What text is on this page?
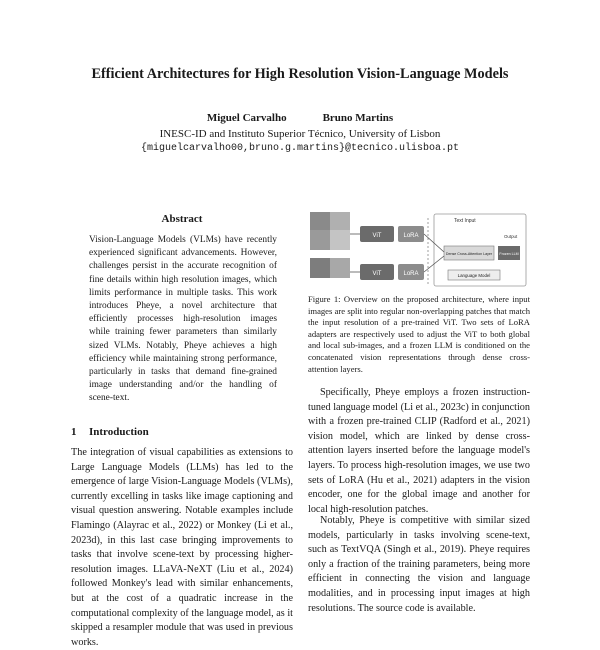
Efficient Architectures for High Resolution Vision-Language Models
Miguel Carvalho	Bruno Martins
INESC-ID and Instituto Superior Técnico, University of Lisbon
{miguelcarvalho00,bruno.g.martins}@tecnico.ulisboa.pt
Abstract
Vision-Language Models (VLMs) have recently experienced significant advancements. However, challenges persist in the accurate recognition of fine details within high resolution images, which limits performance in multiple tasks. This work introduces Pheye, a novel architecture that efficiently processes high-resolution images while training fewer parameters than similarly sized VLMs. Notably, Pheye achieves a high efficiency while maintaining strong performance, particularly in tasks that demand fine-grained image understanding and/or the handling of scene-text.
1 Introduction

The integration of visual capabilities as extensions to Large Language Models (LLMs) has led to the emergence of large Vision-Language Models (VLMs), currently excelling in tasks like image captioning and visual question answering. Notable examples include Flamingo (Alayrac et al., 2022) or Monkey (Li et al., 2023d), in this last case bringing improvements to tasks that involve scene-text by processing higher-resolution images. LLaVA-NeXT (Liu et al., 2024) followed Monkey's lead with similar enhancements, but at the cost of a quadratic increase in the computational complexity of the language model, as it skipped a resampler module that was used in previous works.

ViT	LoRA
ViT	LoRA
Text Input
Dense Cross-Attention Layer Frozen LLM
Language Model
Output
Figure 1: Overview on the proposed architecture, where input images are split into regular non-overlapping patches that match the input resolution of a pre-trained ViT. Two sets of LoRA adapters are respectively used to adjust the ViT to both global and local sub-images, and a frozen LLM is conditioned on the concatenated vision representations through dense cross-attention layers.
Specifically, Pheye employs a frozen instruction-tuned language model (Li et al., 2023c) in conjunction with a frozen pre-trained CLIP (Radford et al., 2021) vision model, which are linked by dense cross-attention layers inserted before the language model's layers. To process high-resolution images, we use two sets of LoRA (Hu et al., 2021) adapters in the vision encoder, one for the global image and another for local high-resolution patches.
Notably, Pheye is competitive with similar sized models, particularly in tasks involving scene-text, such as TextVQA (Singh et al., 2019). Pheye requires only a fraction of the training parameters, being more efficient in connecting the vision and language modalities, and in processing input images at high resolutions. The source code is available.
